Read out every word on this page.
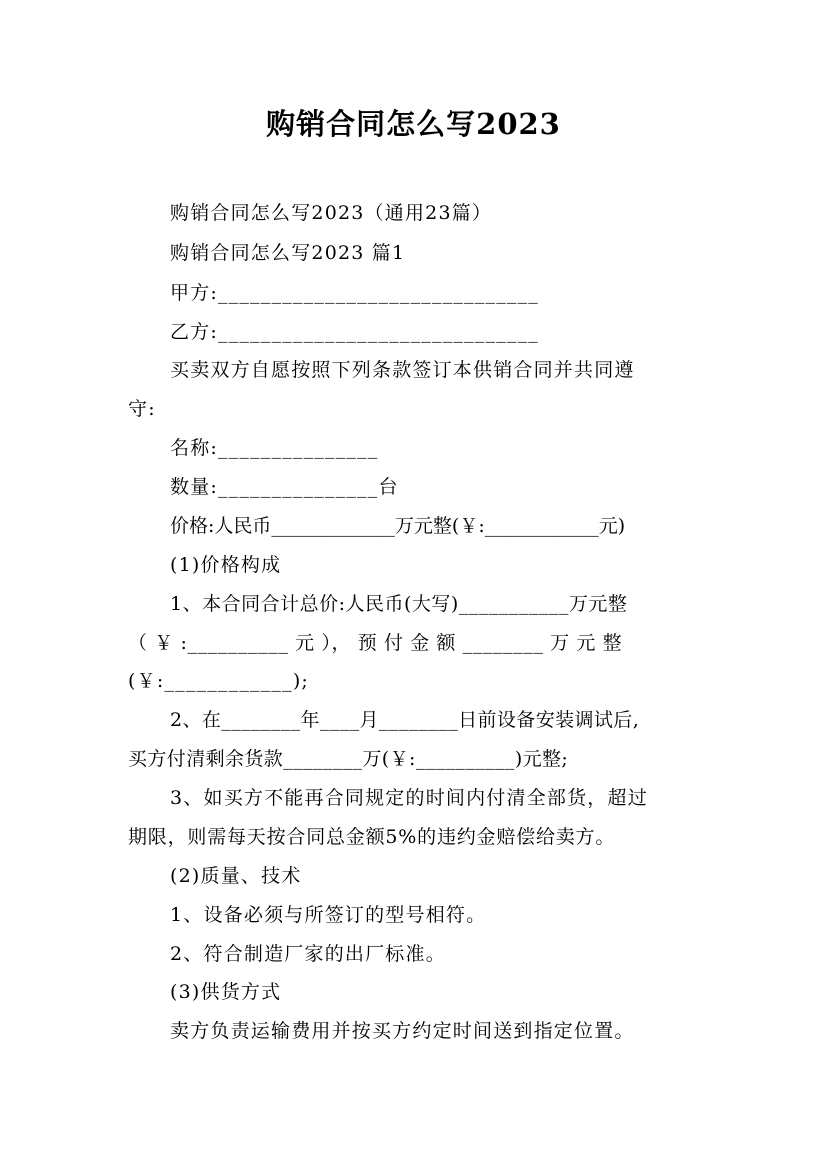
购销合同怎么写2023
购销合同怎么写2023（通用23篇）
购销合同怎么写2023 篇1
甲方:______________________________
乙方:______________________________
买卖双方自愿按照下列条款签订本供销合同并共同遵
守:
名称:_______________
数量:_______________台
价格:人民币_____________万元整(￥:____________元)
(1)价格构成
1、本合同合计总价:人民币(大写)___________万元整
（ ￥ :__________ 元 ）， 预 付 金 额 ________ 万 元 整
(￥:____________);
2、在________年____月________日前设备安装调试后,
买方付清剩余货款________万(￥:__________)元整;
3、如买方不能再合同规定的时间内付清全部货，超过
期限，则需每天按合同总金额5%的违约金赔偿给卖方。
(2)质量、技术
1、设备必须与所签订的型号相符。
2、符合制造厂家的出厂标准。
(3)供货方式
卖方负责运输费用并按买方约定时间送到指定位置。
